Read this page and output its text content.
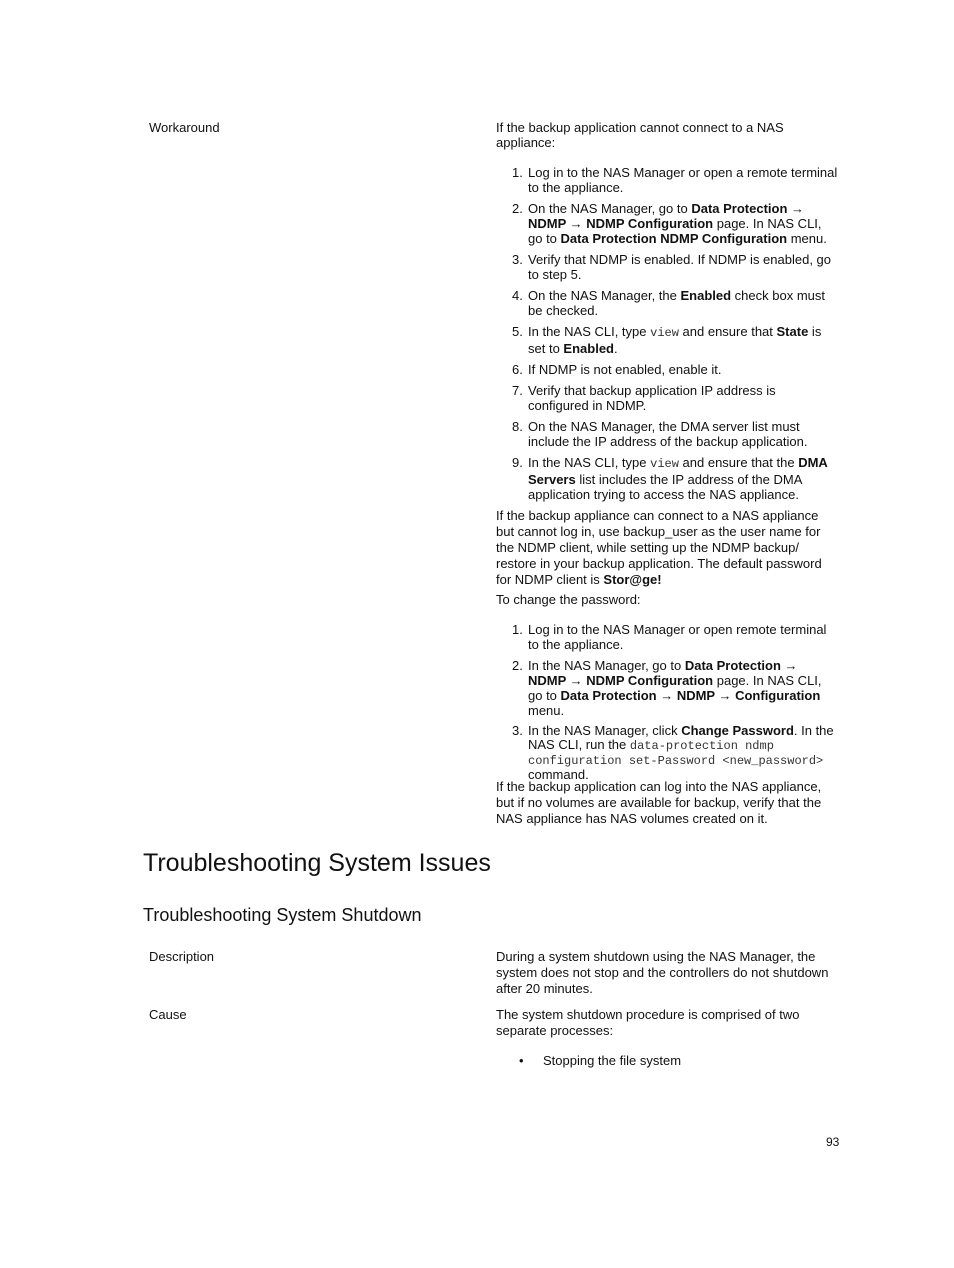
Workaround	If the backup application cannot connect to a NAS appliance:

1. Log in to the NAS Manager or open a remote terminal to the appliance.
2. On the NAS Manager, go to Data Protection → NDMP → NDMP Configuration page. In NAS CLI, go to Data Protection NDMP Configuration menu.
3. Verify that NDMP is enabled. If NDMP is enabled, go to step 5.
4. On the NAS Manager, the Enabled check box must be checked.
5. In the NAS CLI, type view and ensure that State is set to Enabled.
6. If NDMP is not enabled, enable it.
7. Verify that backup application IP address is configured in NDMP.
8. On the NAS Manager, the DMA server list must include the IP address of the backup application.
9. In the NAS CLI, type view and ensure that the DMA Servers list includes the IP address of the DMA application trying to access the NAS appliance.
If the backup appliance can connect to a NAS appliance but cannot log in, use backup_user as the user name for the NDMP client, while setting up the NDMP backup/ restore in your backup application. The default password for NDMP client is Stor@ge!
To change the password:
1. Log in to the NAS Manager or open remote terminal to the appliance.
2. In the NAS Manager, go to Data Protection → NDMP → NDMP Configuration page. In NAS CLI, go to Data Protection → NDMP → Configuration menu.
3. In the NAS Manager, click Change Password. In the NAS CLI, run the data-protection ndmp configuration set-Password <new_password> command.
If the backup application can log into the NAS appliance, but if no volumes are available for backup, verify that the NAS appliance has NAS volumes created on it.
Troubleshooting System Issues
Troubleshooting System Shutdown
Description	During a system shutdown using the NAS Manager, the system does not stop and the controllers do not shutdown after 20 minutes.
Cause	The system shutdown procedure is comprised of two separate processes:
• Stopping the file system
93
